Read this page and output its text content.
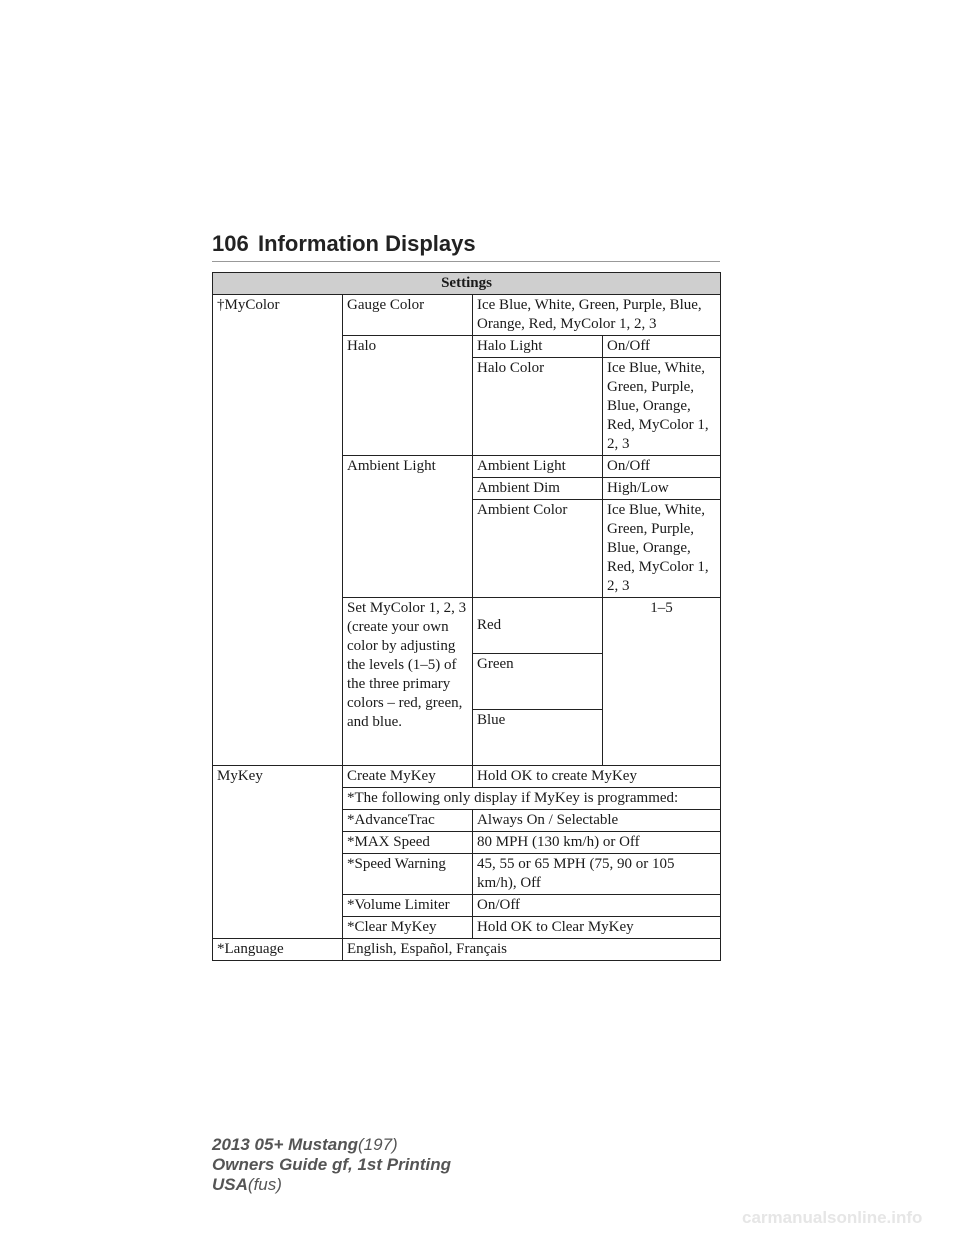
106 Information Displays
Settings			
†MyColor	Gauge Color	Ice Blue, White, Green, Purple, Blue, Orange, Red, MyColor 1, 2, 3	
	Halo	Halo Light	On/Off
		Halo Color	Ice Blue, White, Green, Purple, Blue, Orange, Red, MyColor 1, 2, 3
	Ambient Light	Ambient Light	On/Off
		Ambient Dim	High/Low
		Ambient Color	Ice Blue, White, Green, Purple, Blue, Orange, Red, MyColor 1, 2, 3
	Set MyColor 1, 2, 3 (create your own color by adjusting the levels (1–5) of the three primary colors – red, green, and blue.	Red	1–5
		Green	
		Blue	
MyKey	Create MyKey	Hold OK to create MyKey	
	*The following only display if MyKey is programmed:		
	*AdvanceTrac	Always On / Selectable	
	*MAX Speed	80 MPH (130 km/h) or Off	
	*Speed Warning	45, 55 or 65 MPH (75, 90 or 105 km/h), Off	
	*Volume Limiter	On/Off	
	*Clear MyKey	Hold OK to Clear MyKey	
*Language	English, Español, Français		
2013 05+ Mustang(197)
Owners Guide gf, 1st Printing
USA(fus)
carmanualsonline.info
